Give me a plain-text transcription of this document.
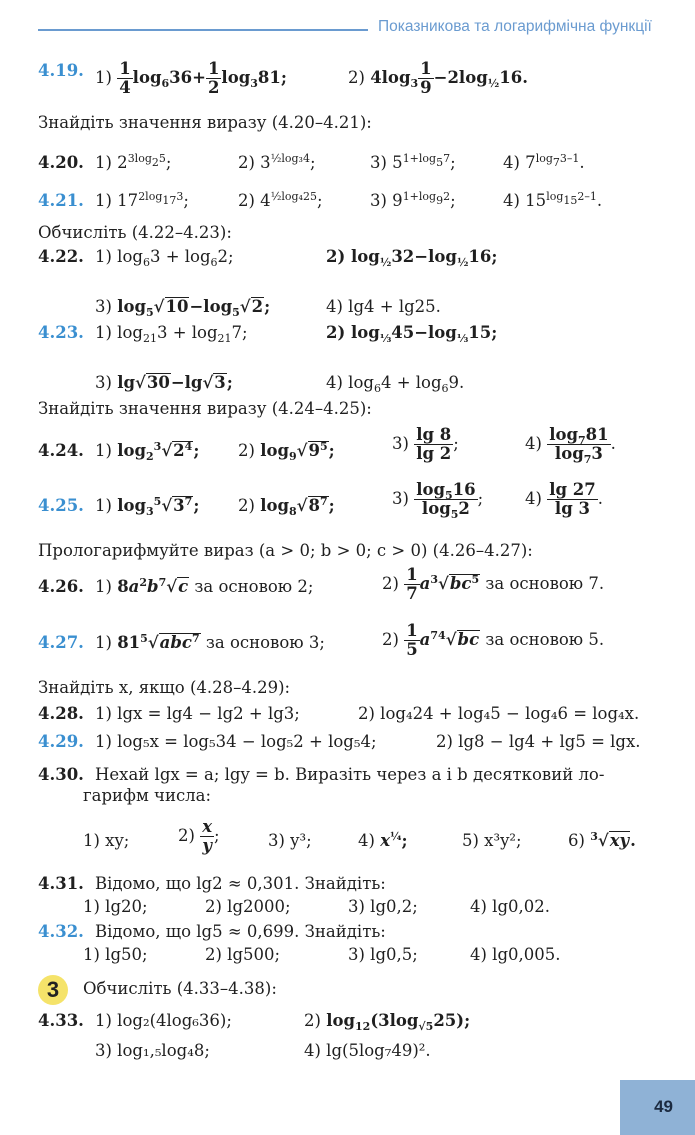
Показникова та логарифмічна функції
4.19. $1) \frac{1}{4} \log_636+ \frac{1}{2} \log_381$;	2) $4\log_3 \frac{1}{9} -2\log_{\frac{1}{2}}16$.
Знайдіть значення виразу (4.20–4.21):
4.20. 1) $2^{3log_25}$;	2) $3^{\frac{1}{2}log_34}$;	3) $5^{1+log_57}$;	4) $7^{log_73-1}$.
4.21. 1) $17^{2log_{17}3}$;	2) $4^{\frac{1}{2}log_425}$;	3) $9^{1+log_92}$;	4) $15^{log_{15}2-1}$.
Обчисліть (4.22–4.23):
4.22. 1) $\log_63 + \log_62$;	2) $\log_{\frac{1}{2}}32-\log_{\frac{1}{2}}16$;
3) $\log_5√10-\log_5√2$;	4) lg4 + lg25.
4.23. 1) $\log_{21}3 + \log_{21}7$;	2) $\log_{\frac{1}{3}}45-\log_{\frac{1}{3}}15$;
3) lg√30−lg√3;	4) $\log_64 + \log_69$.
Знайдіть значення виразу (4.24–4.25):
4.24. 1) $\log_2^3√2^4$; 2) $\log_9√9^5$;	$3) \frac{\lg 8}{\lg 2}$ ;	$4) \frac{\log_781}{\log_73}$ .
4.25. 1) $\log_3^5√3^7$; 2) $\log_8√8^7$;	$3) \frac{\log_516}{\log_52}$ ;	$4) \frac{\lg 27}{\lg 3}$ .
Прологарифмуйте вираз (a > 0; b > 0; c > 0) (4.26–4.27):
4.26. 1) $8a^2b^7√c$ за основою 2;	$2) \frac{1}{7} a^3√bc^5$ за основою 7.
4.27. 1) $81^5√abc^7$ за основою 3;	$2) \frac{1}{5} a^{74}√bc$ за основою 5.
Знайдіть x, якщо (4.28–4.29):
4.28. 1) lgx = lg4 − lg2 + lg3;	2) log₄24 + log₄5 − log₄6 = log₄x.
4.29. 1) log₅x = log₅34 − log₅2 + log₅4;	2) lg8 − lg4 + lg5 = lgx.
4.30. Нехай lgx = a; lgy = b. Виразіть через a і b десятковий ло-
гарифм числа:
1) xy;	$2) \frac{x}{y}$ ;	3) y³;	4) $x^{\frac{1}{4}}$;	5) x³y²;	6) $^3$√xy.
4.31. Відомо, що lg2 ≈ 0,301. Знайдіть:
1) lg20;	2) lg2000;	3) lg0,2;	4) lg0,02.
4.32. Відомо, що lg5 ≈ 0,699. Знайдіть:
1) lg50;	2) lg500;	3) lg0,5;	4) lg0,005.
3	Обчисліть (4.33–4.38):
4.33. 1) log₂(4log₆36);	2) $\log_{12}(3\log_{√5}25)$;
3) log₁,₅log₄8;	4) lg(5log₇49)².
49
